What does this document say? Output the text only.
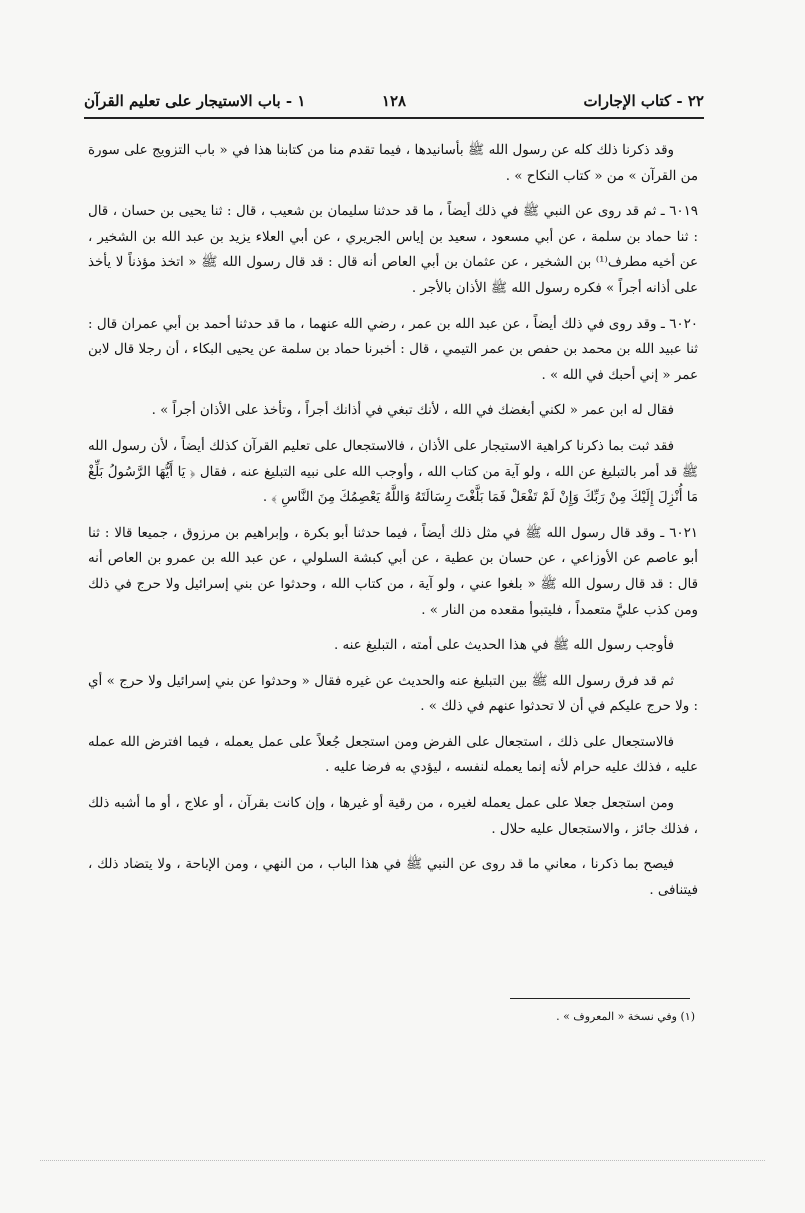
٢٢ - كتاب الإجارات
١٢٨
١ - باب الاستيجار على تعليم القرآن

وقد ذكرنا ذلك كله عن رسول الله ﷺ بأسانيدها ، فيما تقدم منا من كتابنا هذا في « باب التزويج على سورة من القرآن » من « كتاب النكاح » .

٦٠١٩ ـ ثم قد روى عن النبي ﷺ في ذلك أيضاً ، ما قد حدثنا سليمان بن شعيب ، قال : ثنا يحيى بن حسان ، قال : ثنا حماد بن سلمة ، عن أبي مسعود ، سعيد بن إياس الجريري ، عن أبي العلاء يزيد بن عبد الله بن الشخير ، عن أخيه مطرف⁽¹⁾ بن الشخير ، عن عثمان بن أبي العاص أنه قال : قد قال رسول الله ﷺ « اتخذ مؤذناً لا يأخذ على أذانه أجراً » فكره رسول الله ﷺ الأذان بالأجر .

٦٠٢٠ ـ وقد روى في ذلك أيضاً ، عن عبد الله بن عمر ، رضي الله عنهما ، ما قد حدثنا أحمد بن أبي عمران قال : ثنا عبيد الله بن محمد بن حفص بن عمر التيمي ، قال : أخبرنا حماد بن سلمة عن يحيى البكاء ، أن رجلا قال لابن عمر « إني أحبك في الله » .

فقال له ابن عمر « لكني أبغضك في الله ، لأنك تبغي في أذانك أجراً ، وتأخذ على الأذان أجراً » .

فقد ثبت بما ذكرنا كراهية الاستيجار على الأذان ، فالاستجعال على تعليم القرآن كذلك أيضاً ، لأن رسول الله ﷺ قد أمر بالتبليغ عن الله ، ولو آية من كتاب الله ، وأوجب الله على نبيه التبليغ عنه ، فقال ﴿ يَا أَيُّهَا الرَّسُولُ بَلِّغْ مَا أُنْزِلَ إِلَيْكَ مِنْ رَبِّكَ وَإِنْ لَمْ تَفْعَلْ فَمَا بَلَّغْتَ رِسَالَتَهُ وَاللَّهُ يَعْصِمُكَ مِنَ النَّاسِ ﴾ .

٦٠٢١ ـ وقد قال رسول الله ﷺ في مثل ذلك أيضاً ، فيما حدثنا أبو بكرة ، وإبراهيم بن مرزوق ، جميعا قالا : ثنا أبو عاصم عن الأوزاعي ، عن حسان بن عطية ، عن أبي كبشة السلولي ، عن عبد الله بن عمرو بن العاص أنه قال : قد قال رسول الله ﷺ « بلغوا عني ، ولو آية ، من كتاب الله ، وحدثوا عن بني إسرائيل ولا حرج في ذلك ومن كذب عليَّ متعمداً ، فليتبوأ مقعده من النار » .

فأوجب رسول الله ﷺ في هذا الحديث على أمته ، التبليغ عنه .

ثم قد فرق رسول الله ﷺ بين التبليغ عنه والحديث عن غيره فقال « وحدثوا عن بني إسرائيل ولا حرج » أي : ولا حرج عليكم في أن لا تحدثوا عنهم في ذلك » .

فالاستجعال على ذلك ، استجعال على الفرض ومن استجعل جُعلاً على عمل يعمله ، فيما افترض الله عمله عليه ، فذلك عليه حرام لأنه إنما يعمله لنفسه ، ليؤدي به فرضا عليه .

ومن استجعل جعلا على عمل يعمله لغيره ، من رقية أو غيرها ، وإن كانت بقرآن ، أو علاج ، أو ما أشبه ذلك ، فذلك جائز ، والاستجعال عليه حلال .

فيصح بما ذكرنا ، معاني ما قد روى عن النبي ﷺ في هذا الباب ، من النهي ، ومن الإباحة ، ولا يتضاد ذلك ، فيتنافى .

(١) وفي نسخة « المعروف » .
